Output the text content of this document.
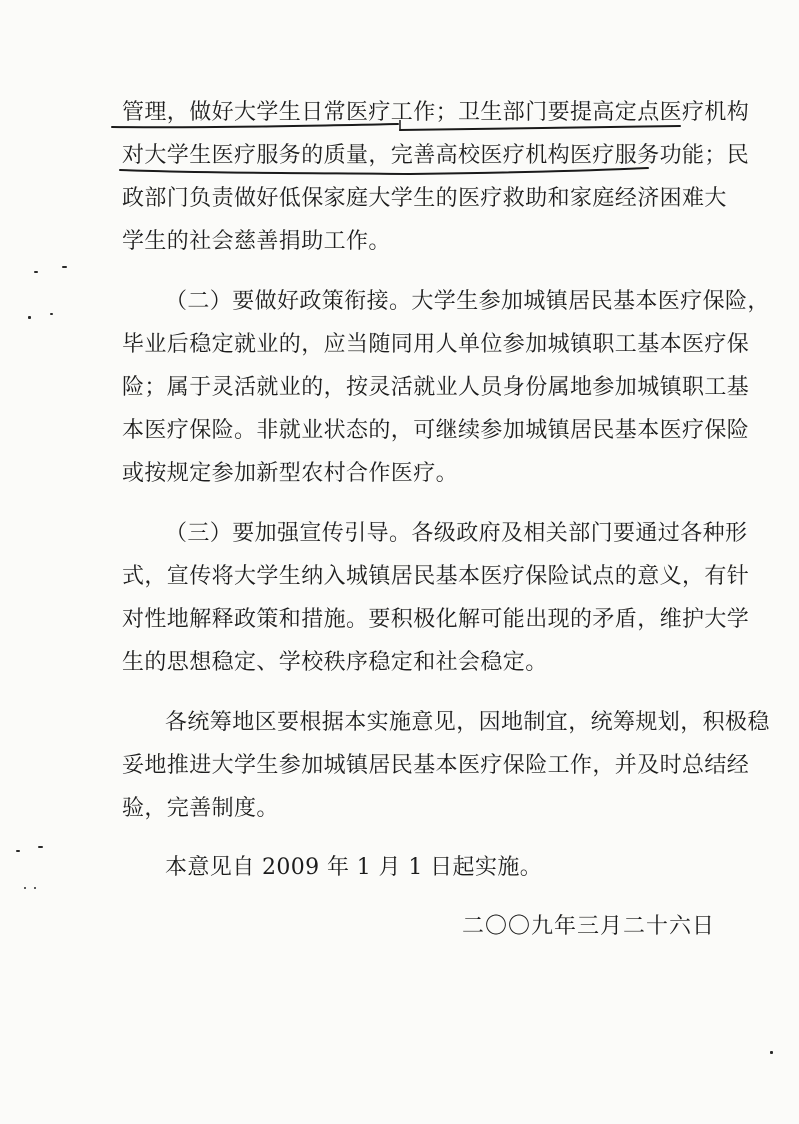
管理，做好大学生日常医疗工作；卫生部门要提高定点医疗机构
对大学生医疗服务的质量，完善高校医疗机构医疗服务功能；民
政部门负责做好低保家庭大学生的医疗救助和家庭经济困难大
学生的社会慈善捐助工作。
（二）要做好政策衔接。大学生参加城镇居民基本医疗保险，
毕业后稳定就业的，应当随同用人单位参加城镇职工基本医疗保
险；属于灵活就业的，按灵活就业人员身份属地参加城镇职工基
本医疗保险。非就业状态的，可继续参加城镇居民基本医疗保险
或按规定参加新型农村合作医疗。
（三）要加强宣传引导。各级政府及相关部门要通过各种形
式，宣传将大学生纳入城镇居民基本医疗保险试点的意义，有针
对性地解释政策和措施。要积极化解可能出现的矛盾，维护大学
生的思想稳定、学校秩序稳定和社会稳定。
各统筹地区要根据本实施意见，因地制宜，统筹规划，积极稳
妥地推进大学生参加城镇居民基本医疗保险工作，并及时总结经
验，完善制度。
本意见自 2009 年 1 月 1 日起实施。
二〇〇九年三月二十六日
